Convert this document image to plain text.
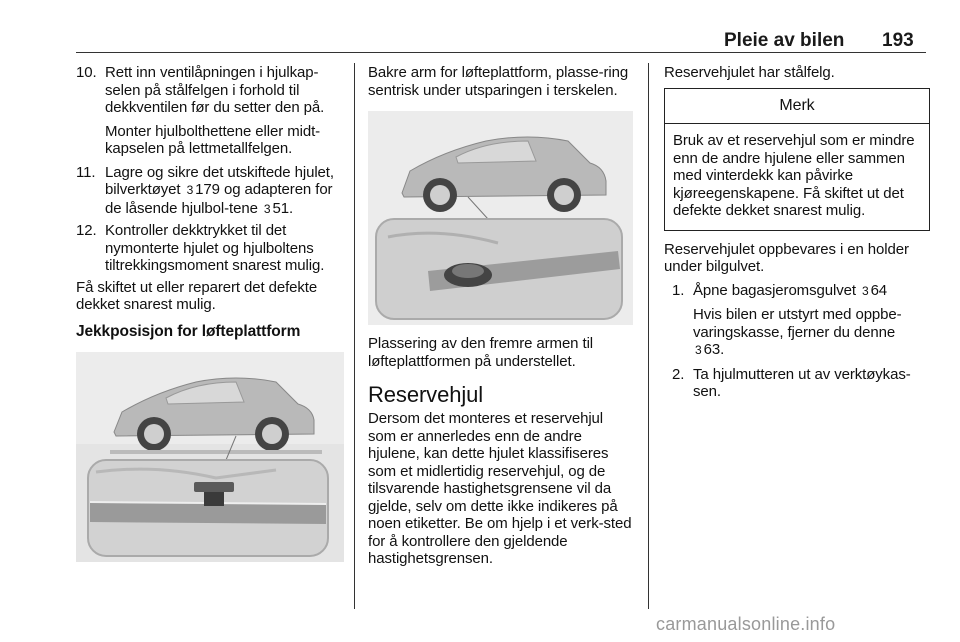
Pleie av bilen 193
10. Rett inn ventilåpningen i hjulkap-selen på stålfelgen i forhold til dekkventilen før du setter den på.

Monter hjulbolthettene eller midt-kapselen på lettmetallfelgen.

11. Lagre og sikre det utskiftede hjulet, bilverktøyet 3 179 og adapteren for de låsende hjulbol-tene 3 51.
12. Kontroller dekktrykket til det nymonterte hjulet og hjulboltens tiltrekkingsmoment snarest mulig.

Få skiftet ut eller reparert det defekte dekket snarest mulig.

Jekkposisjon for løfteplattform

Bakre arm for løfteplattform, plasse-ring sentrisk under utsparingen i terskelen.

Plassering av den fremre armen til løfteplattformen på understellet.

Reservehjul

Dersom det monteres et reservehjul som er annerledes enn de andre hjulene, kan dette hjulet klassifiseres som et midlertidig reservehjul, og de tilsvarende hastighetsgrensene vil da gjelde, selv om dette ikke indikeres på noen etiketter. Be om hjelp i et verk-sted for å kontrollere den gjeldende hastighetsgrensen.

Reservehjulet har stålfelg.

Merk
Bruk av et reservehjul som er mindre enn de andre hjulene eller sammen med vinterdekk kan påvirke kjøreegenskapene. Få skiftet ut det defekte dekket snarest mulig.

Reservehjulet oppbevares i en holder under bilgulvet.

1. Åpne bagasjeromsgulvet 3 64

Hvis bilen er utstyrt med oppbe-varingskasse, fjerner du denne 3 63.

2. Ta hjulmutteren ut av verktøykas-sen.
carmanualsonline.info
